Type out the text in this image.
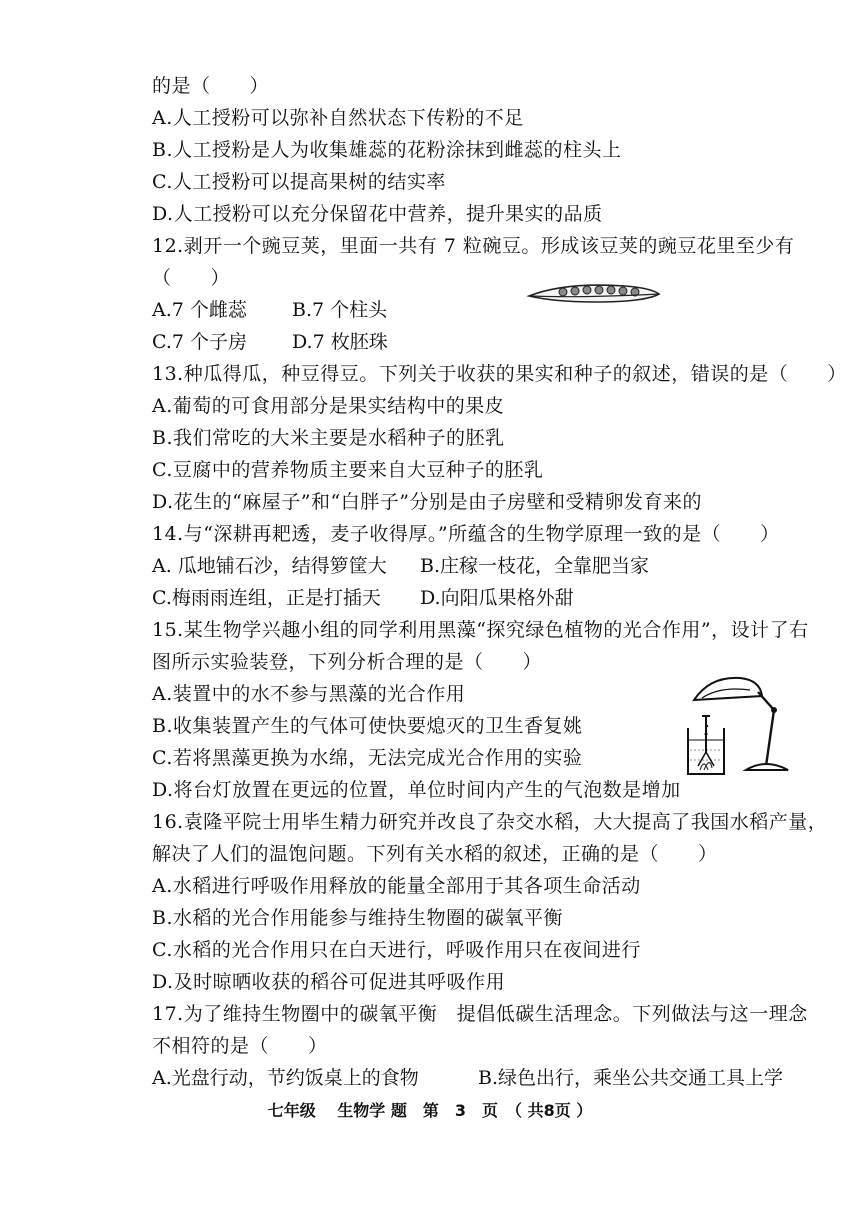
的是（　　）
A.人工授粉可以弥补自然状态下传粉的不足
B.人工授粉是人为收集雄蕊的花粉涂抹到雌蕊的柱头上
C.人工授粉可以提高果树的结实率
D.人工授粉可以充分保留花中营养，提升果实的品质
12.剥开一个豌豆荚，里面一共有 7 粒碗豆。形成该豆荚的豌豆花里至少有
（　　）
A.7 个雌蕊 B.7 个柱头
C.7 个子房 D.7 枚胚珠
13.种瓜得瓜，种豆得豆。下列关于收获的果实和种子的叙述，错误的是（　　）
A.葡萄的可食用部分是果实结构中的果皮
B.我们常吃的大米主要是水稻种子的胚乳
C.豆腐中的营养物质主要来自大豆种子的胚乳
D.花生的“麻屋子”和“白胖子”分别是由子房壁和受精卵发育来的
14.与“深耕再耙透，麦子收得厚。”所蕴含的生物学原理一致的是（　　）
A. 瓜地铺石沙，结得箩筐大 B.庄稼一枝花，全靠肥当家
C.梅雨雨连组，正是打插天 D.向阳瓜果格外甜
15.某生物学兴趣小组的同学利用黑藻“探究绿色植物的光合作用”，设计了右
图所示实验装登，下列分析合理的是（　　）
A.装置中的水不参与黑藻的光合作用
B.收集装置产生的气体可使快要熄灭的卫生香复姚
C.若将黑藻更换为水绵，无法完成光合作用的实验
D.将台灯放置在更远的位置，单位时间内产生的气泡数是增加
16.袁隆平院士用毕生精力研究并改良了杂交水稻，大大提高了我国水稻产量，
解决了人们的温饱问题。下列有关水稻的叙述，正确的是（　　）
A.水稻进行呼吸作用释放的能量全部用于其各项生命活动
B.水稻的光合作用能参与维持生物圈的碳氧平衡
C.水稻的光合作用只在白天进行，呼吸作用只在夜间进行
D.及时晾晒收获的稻谷可促进其呼吸作用
17.为了维持生物圈中的碳氧平衡　提倡低碳生活理念。下列做法与这一理念
不相符的是（　　）
A.光盘行动，节约饭桌上的食物	B.绿色出行，乘坐公共交通工具上学
七年级　 生物学 题　第　3　页　（ 共8页 ）
